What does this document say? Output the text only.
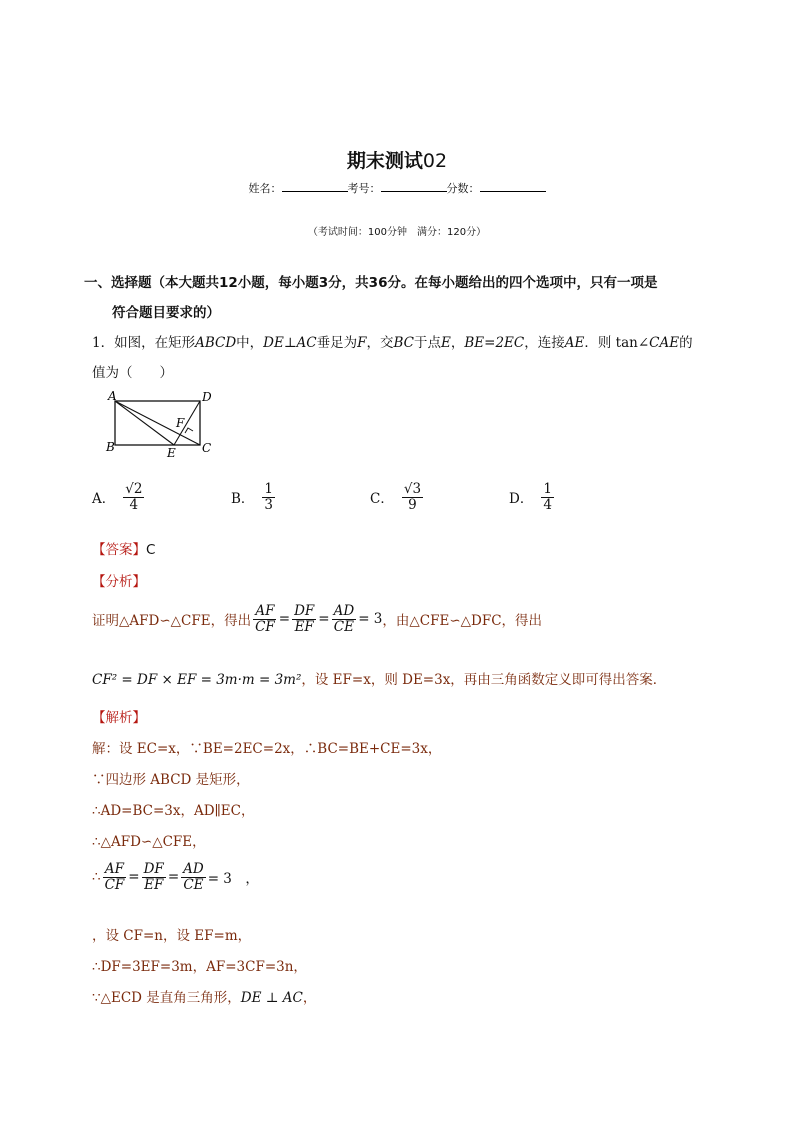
期末测试02
姓名：	考号：	分数：
（考试时间：100分钟　满分：120分）
一、选择题（本大题共12小题，每小题3分，共36分。在每小题给出的四个选项中，只有一项是
符合题目要求的）
1．如图，在矩形ABCD中，DE⊥AC垂足为F，交BC于点E，BE=2EC，连接AE．则 tan∠CAE的
值为（　　）
A	D
B	C
E
F
A． $\frac{√2}{4}$	B． $\frac{1}{3}$	C． $\frac{√3}{9}$	D． $\frac{1}{4}$
【答案】C
【分析】
证明△AFD∽△CFE，得出 $\frac{AF}{CF} = \frac{DF}{EF} = \frac{AD}{CE} = 3$ ，由△CFE∽△DFC，得出
CF² = DF × EF = 3m·m = 3m²，设 EF=x，则 DE=3x，再由三角函数定义即可得出答案．
【解析】
解：设 EC=x，∵BE=2EC=2x，∴BC=BE+CE=3x，
∵四边形 ABCD 是矩形，
∴AD=BC=3x，AD∥EC，
∴△AFD∽△CFE，
∴ $\frac{AF}{CF} = \frac{DF}{EF} = \frac{AD}{CE} = 3$　，
，设 CF=n，设 EF=m，
∴DF=3EF=3m，AF=3CF=3n，
∵△ECD 是直角三角形，DE ⊥ AC，
